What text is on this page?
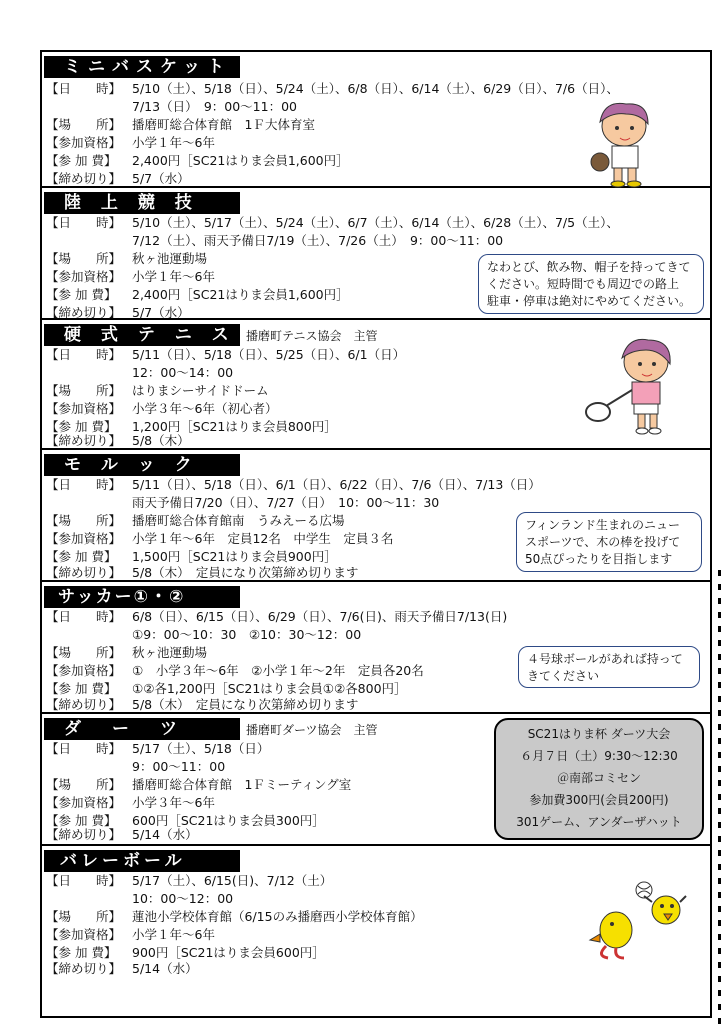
ミニバスケット
【日　　時】 5/10（土）、5/18（日）、5/24（土）、6/8（日）、6/14（土）、6/29（日）、7/6（日）、
7/13（日）　9：00～11：00
【場　　所】 播磨町総合体育館　1Ｆ大体育室
【参加資格】 小学１年～6年
【参 加 費】 2,400円［SC21はりま会員1,600円］
【締め切り】 5/7（水）
陸 上 競 技
【日　　時】 5/10（土）、5/17（土）、5/24（土）、6/7（土）、6/14（土）、6/28（土）、7/5（土）、
7/12（土）、雨天予備日7/19（土）、7/26（土）　9：00～11：00
【場　　所】 秋ヶ池運動場
【参加資格】 小学１年～6年
【参 加 費】 2,400円［SC21はりま会員1,600円］
【締め切り】 5/7（水）
なわとび、飲み物、帽子を持ってきて
ください。短時間でも周辺での路上
駐車・停車は絶対にやめてください。
硬 式 テ ニ ス 播磨町テニス協会　主管
【日　　時】 5/11（日）、5/18（日）、5/25（日）、6/1（日）
12：00～14：00
【場　　所】 はりまシーサイドドーム
【参加資格】 小学３年～6年（初心者）
【参 加 費】 1,200円［SC21はりま会員800円］
【締め切り】 5/8（木）
モ ル ッ ク
【日　　時】 5/11（日）、5/18（日）、6/1（日）、6/22（日）、7/6（日）、7/13（日）
雨天予備日7/20（日）、7/27（日）　10：00～11：30
【場　　所】 播磨町総合体育館南　うみえーる広場
【参加資格】 小学１年～6年　定員12名　中学生　定員３名
【参 加 費】 1,500円［SC21はりま会員900円］
【締め切り】 5/8（木）　定員になり次第締め切ります
フィンランド生まれのニュー
スポーツで、木の棒を投げて
50点ぴったりを目指します
サッカー①・②
【日　　時】 6/8（日）、6/15（日）、6/29（日）、7/6(日)、雨天予備日7/13(日)
①9：00～10：30　②10：30～12：00
【場　　所】 秋ヶ池運動場
【参加資格】 ①　小学３年～6年　②小学１年～2年　定員各20名
【参 加 費】 ①②各1,200円［SC21はりま会員①②各800円］
【締め切り】 5/8（木）　定員になり次第締め切ります
４号球ボールがあれば持って
きてください
ダ　ー　ツ	播磨町ダーツ協会　主管
【日　　時】 5/17（土）、5/18（日）
9：00～11：00
【場　　所】 播磨町総合体育館　1Ｆミーティング室
【参加資格】 小学３年～6年
【参 加 費】 600円［SC21はりま会員300円］
【締め切り】 5/14（水）
SC21はりま杯 ダーツ大会
６月７日（土）9:30～12:30
＠南部コミセン
参加費300円(会員200円)
301ゲーム、アンダーザハット
バレーボール
【日　　時】 5/17（土）、6/15(日)、7/12（土）
10：00～12：00
【場　　所】 蓮池小学校体育館（6/15のみ播磨西小学校体育館）
【参加資格】 小学１年～6年
【参 加 費】 900円［SC21はりま会員600円］
【締め切り】 5/14（水）
